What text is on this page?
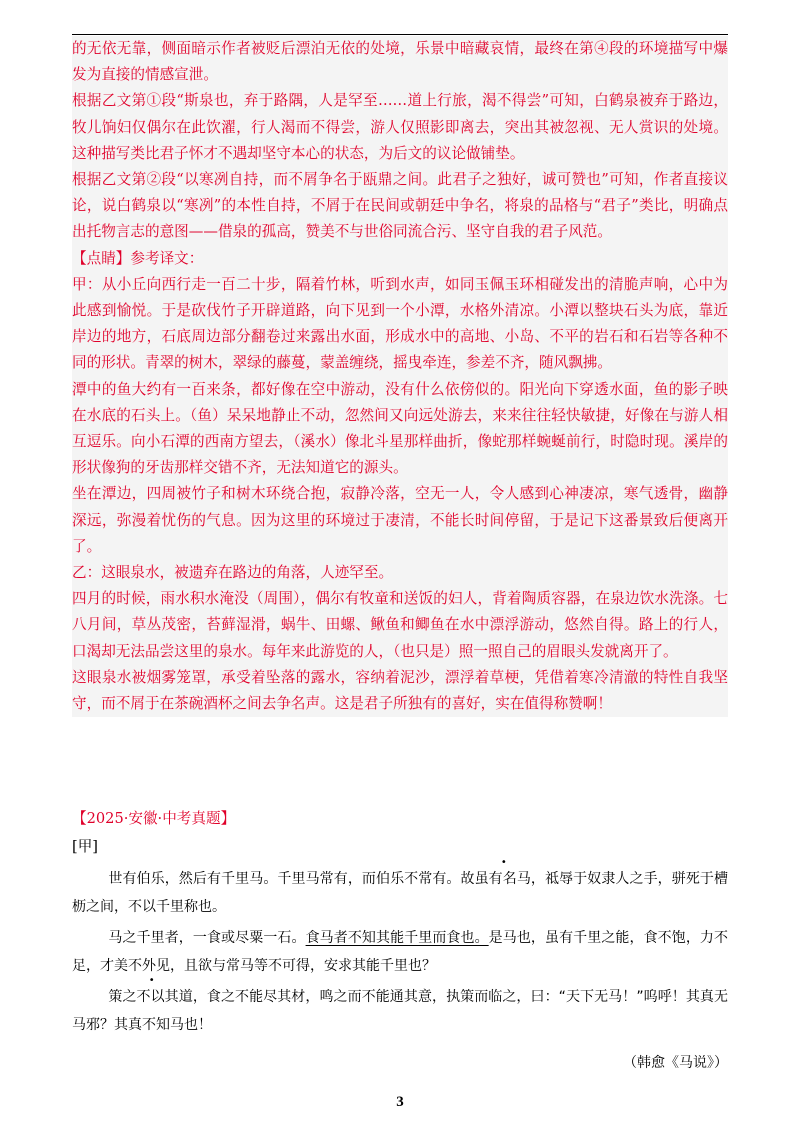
的无依无靠，侧面暗示作者被贬后漂泊无依的处境，乐景中暗藏哀情，最终在第④段的环境描写中爆发为直接的情感宣泄。

根据乙文第①段“斯泉也，弃于路隅，人是罕至……道上行旅，渴不得尝”可知，白鹤泉被弃于路边，牧儿饷妇仅偶尔在此饮濯，行人渴而不得尝，游人仅照影即离去，突出其被忽视、无人赏识的处境。这种描写类比君子怀才不遇却坚守本心的状态，为后文的议论做铺垫。

根据乙文第②段“以寒冽自持，而不屑争名于瓯鼎之间。此君子之独好，诚可赞也”可知，作者直接议论，说白鹤泉以“寒冽”的本性自持，不屑于在民间或朝廷中争名，将泉的品格与“君子”类比，明确点出托物言志的意图——借泉的孤高，赞美不与世俗同流合污、坚守自我的君子风范。

【点睛】参考译文：

甲：从小丘向西行走一百二十步，隔着竹林，听到水声，如同玉佩玉环相碰发出的清脆声响，心中为此感到愉悦。于是砍伐竹子开辟道路，向下见到一个小潭，水格外清凉。小潭以整块石头为底，靠近岸边的地方，石底周边部分翻卷过来露出水面，形成水中的高地、小岛、不平的岩石和石岩等各种不同的形状。青翠的树木，翠绿的藤蔓，蒙盖缠绕，摇曳牵连，参差不齐，随风飘拂。

潭中的鱼大约有一百来条，都好像在空中游动，没有什么依傍似的。阳光向下穿透水面，鱼的影子映在水底的石头上。（鱼）呆呆地静止不动，忽然间又向远处游去，来来往往轻快敏捷，好像在与游人相互逗乐。向小石潭的西南方望去，（溪水）像北斗星那样曲折，像蛇那样蜿蜒前行，时隐时现。溪岸的形状像狗的牙齿那样交错不齐，无法知道它的源头。

坐在潭边，四周被竹子和树木环绕合抱，寂静冷落，空无一人，令人感到心神凄凉，寒气透骨，幽静深远，弥漫着忧伤的气息。因为这里的环境过于凄清，不能长时间停留，于是记下这番景致后便离开了。

乙：这眼泉水，被遗弃在路边的角落，人迹罕至。

四月的时候，雨水积水淹没（周围），偶尔有牧童和送饭的妇人，背着陶质容器，在泉边饮水洗涤。七八月间，草丛茂密，苔藓湿滑，蜗牛、田螺、鳅鱼和鲫鱼在水中漂浮游动，悠然自得。路上的行人，口渴却无法品尝这里的泉水。每年来此游览的人，（也只是）照一照自己的眉眼头发就离开了。

这眼泉水被烟雾笼罩，承受着坠落的露水，容纳着泥沙，漂浮着草梗，凭借着寒冷清澈的特性自我坚守，而不屑于在茶碗酒杯之间去争名声。这是君子所独有的喜好，实在值得称赞啊！

【2025·安徽·中考真题】
[甲]

世有伯乐，然后有千里马。千里马常有，而伯乐不常有。• 故虽有名马，祗辱于奴隶人之手，骈死于槽枥之间，不以千里称也。

马之千里者，一食或尽粟一石。食马者不知其能千里而食也。是马也，虽有千里之能，食不饱，力不足，才美不外见，且欲与常马等不可得，安求其能千里也？

• 策之不以其道，食之不能尽其材，鸣之而不能通其意，执策而临之，曰：“天下无马！”呜呼！其真无马邪？其真不知马也！

（韩愈《马说》）
3
